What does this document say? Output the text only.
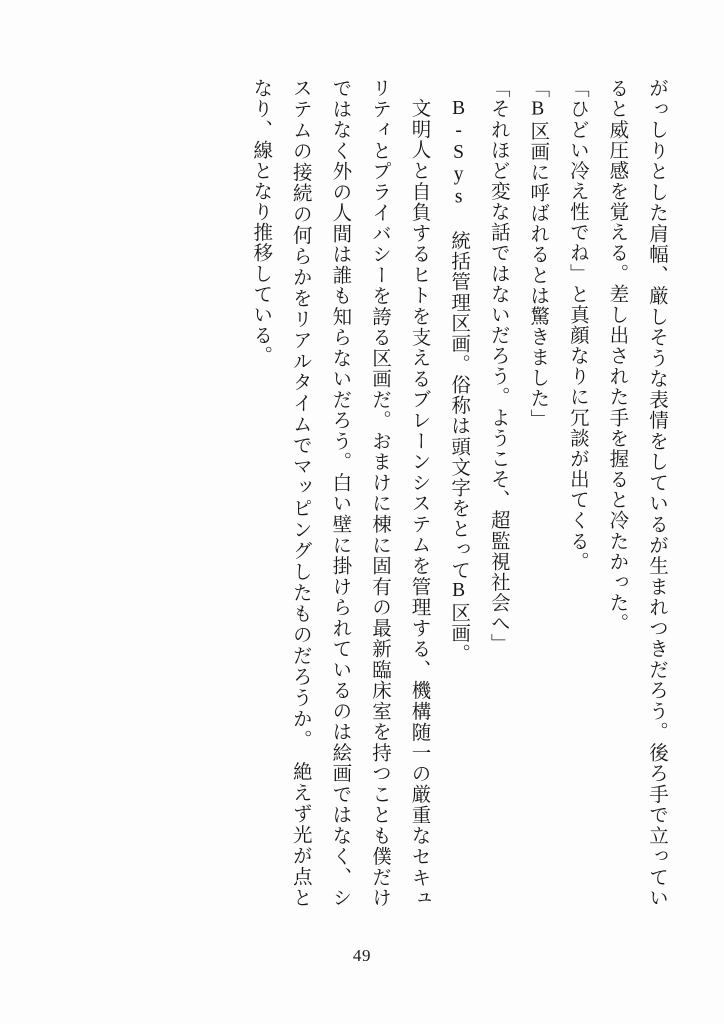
がっしりとした肩幅、厳しそうな表情をしているが生まれつきだろう。後ろ手で立っていると威圧感を覚える。差し出された手を握ると冷たかった。

「ひどい冷え性でね」と真顔なりに冗談が出てくる。

「B区画に呼ばれるとは驚きました」

「それほど変な話ではないだろう。ようこそ、超監視社会へ」

B-Sys 統括管理区画。俗称は頭文字をとってB区画。

文明人と自負するヒトを支えるブレーンシステムを管理する、機構随一の厳重なセキュリティとプライバシーを誇る区画だ。おまけに棟に固有の最新臨床室を持つことも僕だけではなく外の人間は誰も知らないだろう。白い壁に掛けられているのは絵画ではなく、システムの接続の何らかをリアルタイムでマッピングしたものだろうか。　絶えず光が点となり、線となり推移している。

49
